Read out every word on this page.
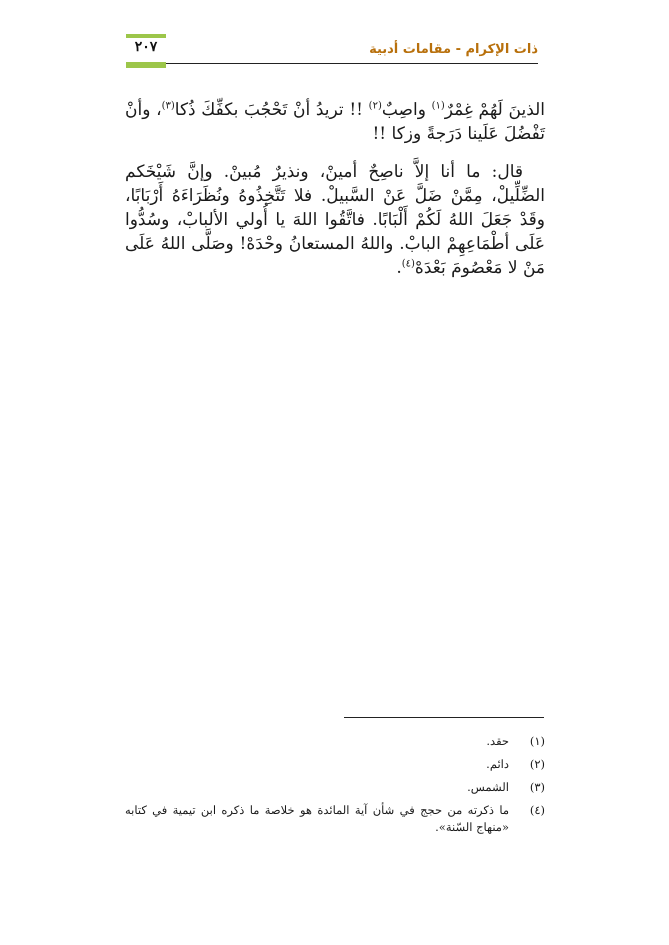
٢٠٧	ذات الإكرام - مقامات أدبية

الذينَ لَهُمْ غِمْرٌ$^{(١)}$ واصِبٌ$^{(٢)}$ !! تريدُ أنْ تَحْجُبَ بكفِّكَ ذُكا$^{(٣)}$، وأنْ تَفْضُلَ عَلَينا دَرَجةً وزكا !!

قال: ما أنا إلاَّ ناصِحٌ أمينْ، ونذيرٌ مُبينْ. وإنَّ شَيْخَكم الضِّلِّيلْ، مِمَّنْ ضَلَّ عَنْ السَّبيلْ. فلا تَتَّخِذُوهُ ونُظَرَاءَهُ أَرْبَابًا، وقَدْ جَعَلَ اللهُ لَكُمْ أَلْبَابًا. فاتَّقُوا اللهَ يا أُولي الألبابْ، وسُدُّوا عَلَى أطْمَاعِهِمْ البابْ. واللهُ المستعانُ وحْدَهْ! وصَلَّى اللهُ عَلَى مَنْ لا مَعْصُومَ بَعْدَهْ$^{(٤)}$.

(١)
حقد.
(٢)
دائم.
(٣)
الشمس.
(٤)
ما ذكرته من حجج في شأن آية المائدة هو خلاصة ما ذكره ابن تيمية في كتابه «منهاج السّنة».
